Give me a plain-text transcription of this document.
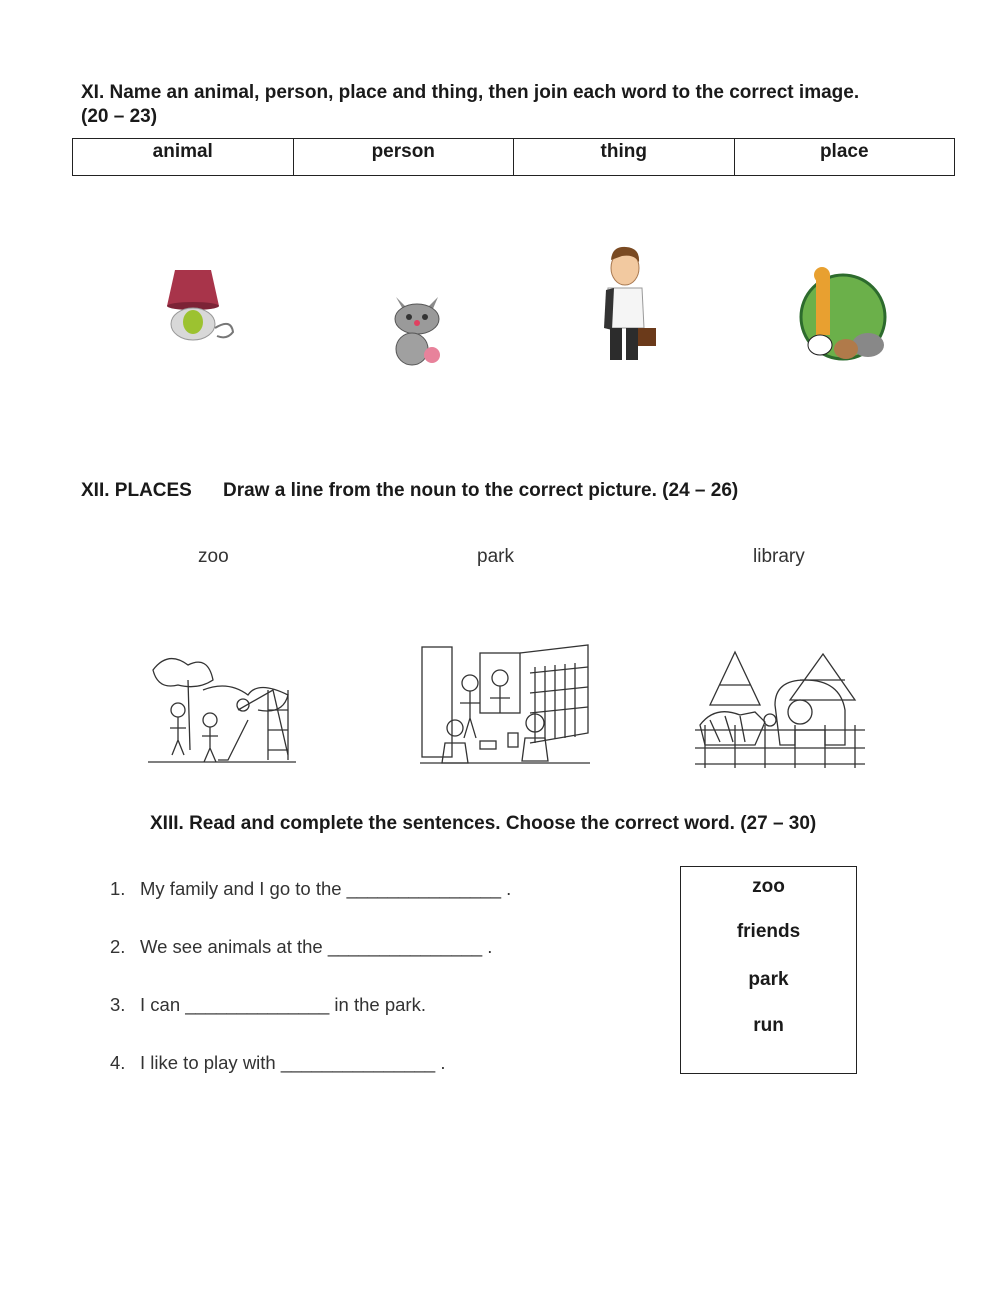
XI. Name an animal, person, place and thing, then join each word to the correct image.
(20 – 23)
animal	person	thing	place
XII. PLACES Draw a line from the noun to the correct picture. (24 – 26)
zoo	park	library
XIII. Read and complete the sentences. Choose the correct word. (27 – 30)
1. My family and I go to the _______________ .
2. We see animals at the _______________ .
3. I can ______________ in the park.
4. I like to play with _______________ .
zoo
friends
park
run
